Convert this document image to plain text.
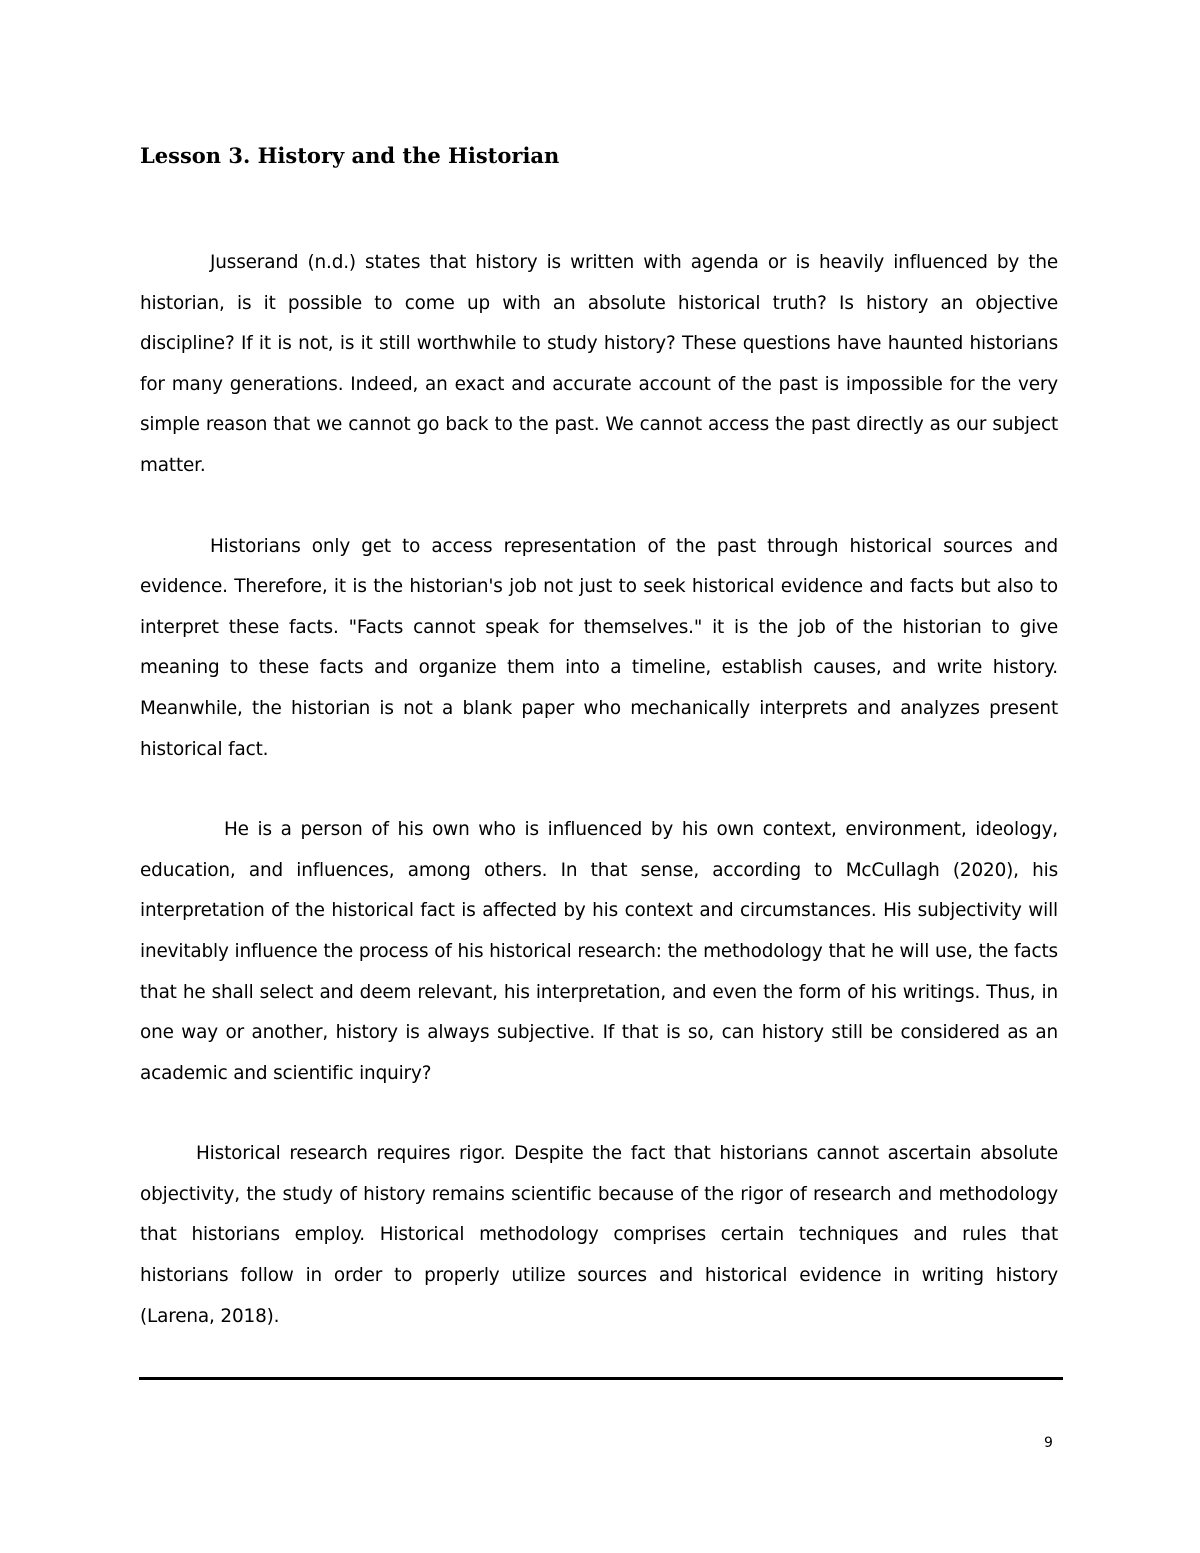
Lesson 3. History and the Historian

Jusserand (n.d.) states that history is written with agenda or is heavily influenced by the historian, is it possible to come up with an absolute historical truth? Is history an objective discipline? If it is not, is it still worthwhile to study history? These questions have haunted historians for many generations. Indeed, an exact and accurate account of the past is impossible for the very simple reason that we cannot go back to the past. We cannot access the past directly as our subject matter.

Historians only get to access representation of the past through historical sources and evidence. Therefore, it is the historian's job not just to seek historical evidence and facts but also to interpret these facts. "Facts cannot speak for themselves." it is the job of the historian to give meaning to these facts and organize them into a timeline, establish causes, and write history. Meanwhile, the historian is not a blank paper who mechanically interprets and analyzes present historical fact.

He is a person of his own who is influenced by his own context, environment, ideology, education, and influences, among others. In that sense, according to McCullagh (2020), his interpretation of the historical fact is affected by his context and circumstances. His subjectivity will inevitably influence the process of his historical research: the methodology that he will use, the facts that he shall select and deem relevant, his interpretation, and even the form of his writings. Thus, in one way or another, history is always subjective. If that is so, can history still be considered as an academic and scientific inquiry?

Historical research requires rigor. Despite the fact that historians cannot ascertain absolute objectivity, the study of history remains scientific because of the rigor of research and methodology that historians employ. Historical methodology comprises certain techniques and rules that historians follow in order to properly utilize sources and historical evidence in writing history (Larena, 2018).

9
